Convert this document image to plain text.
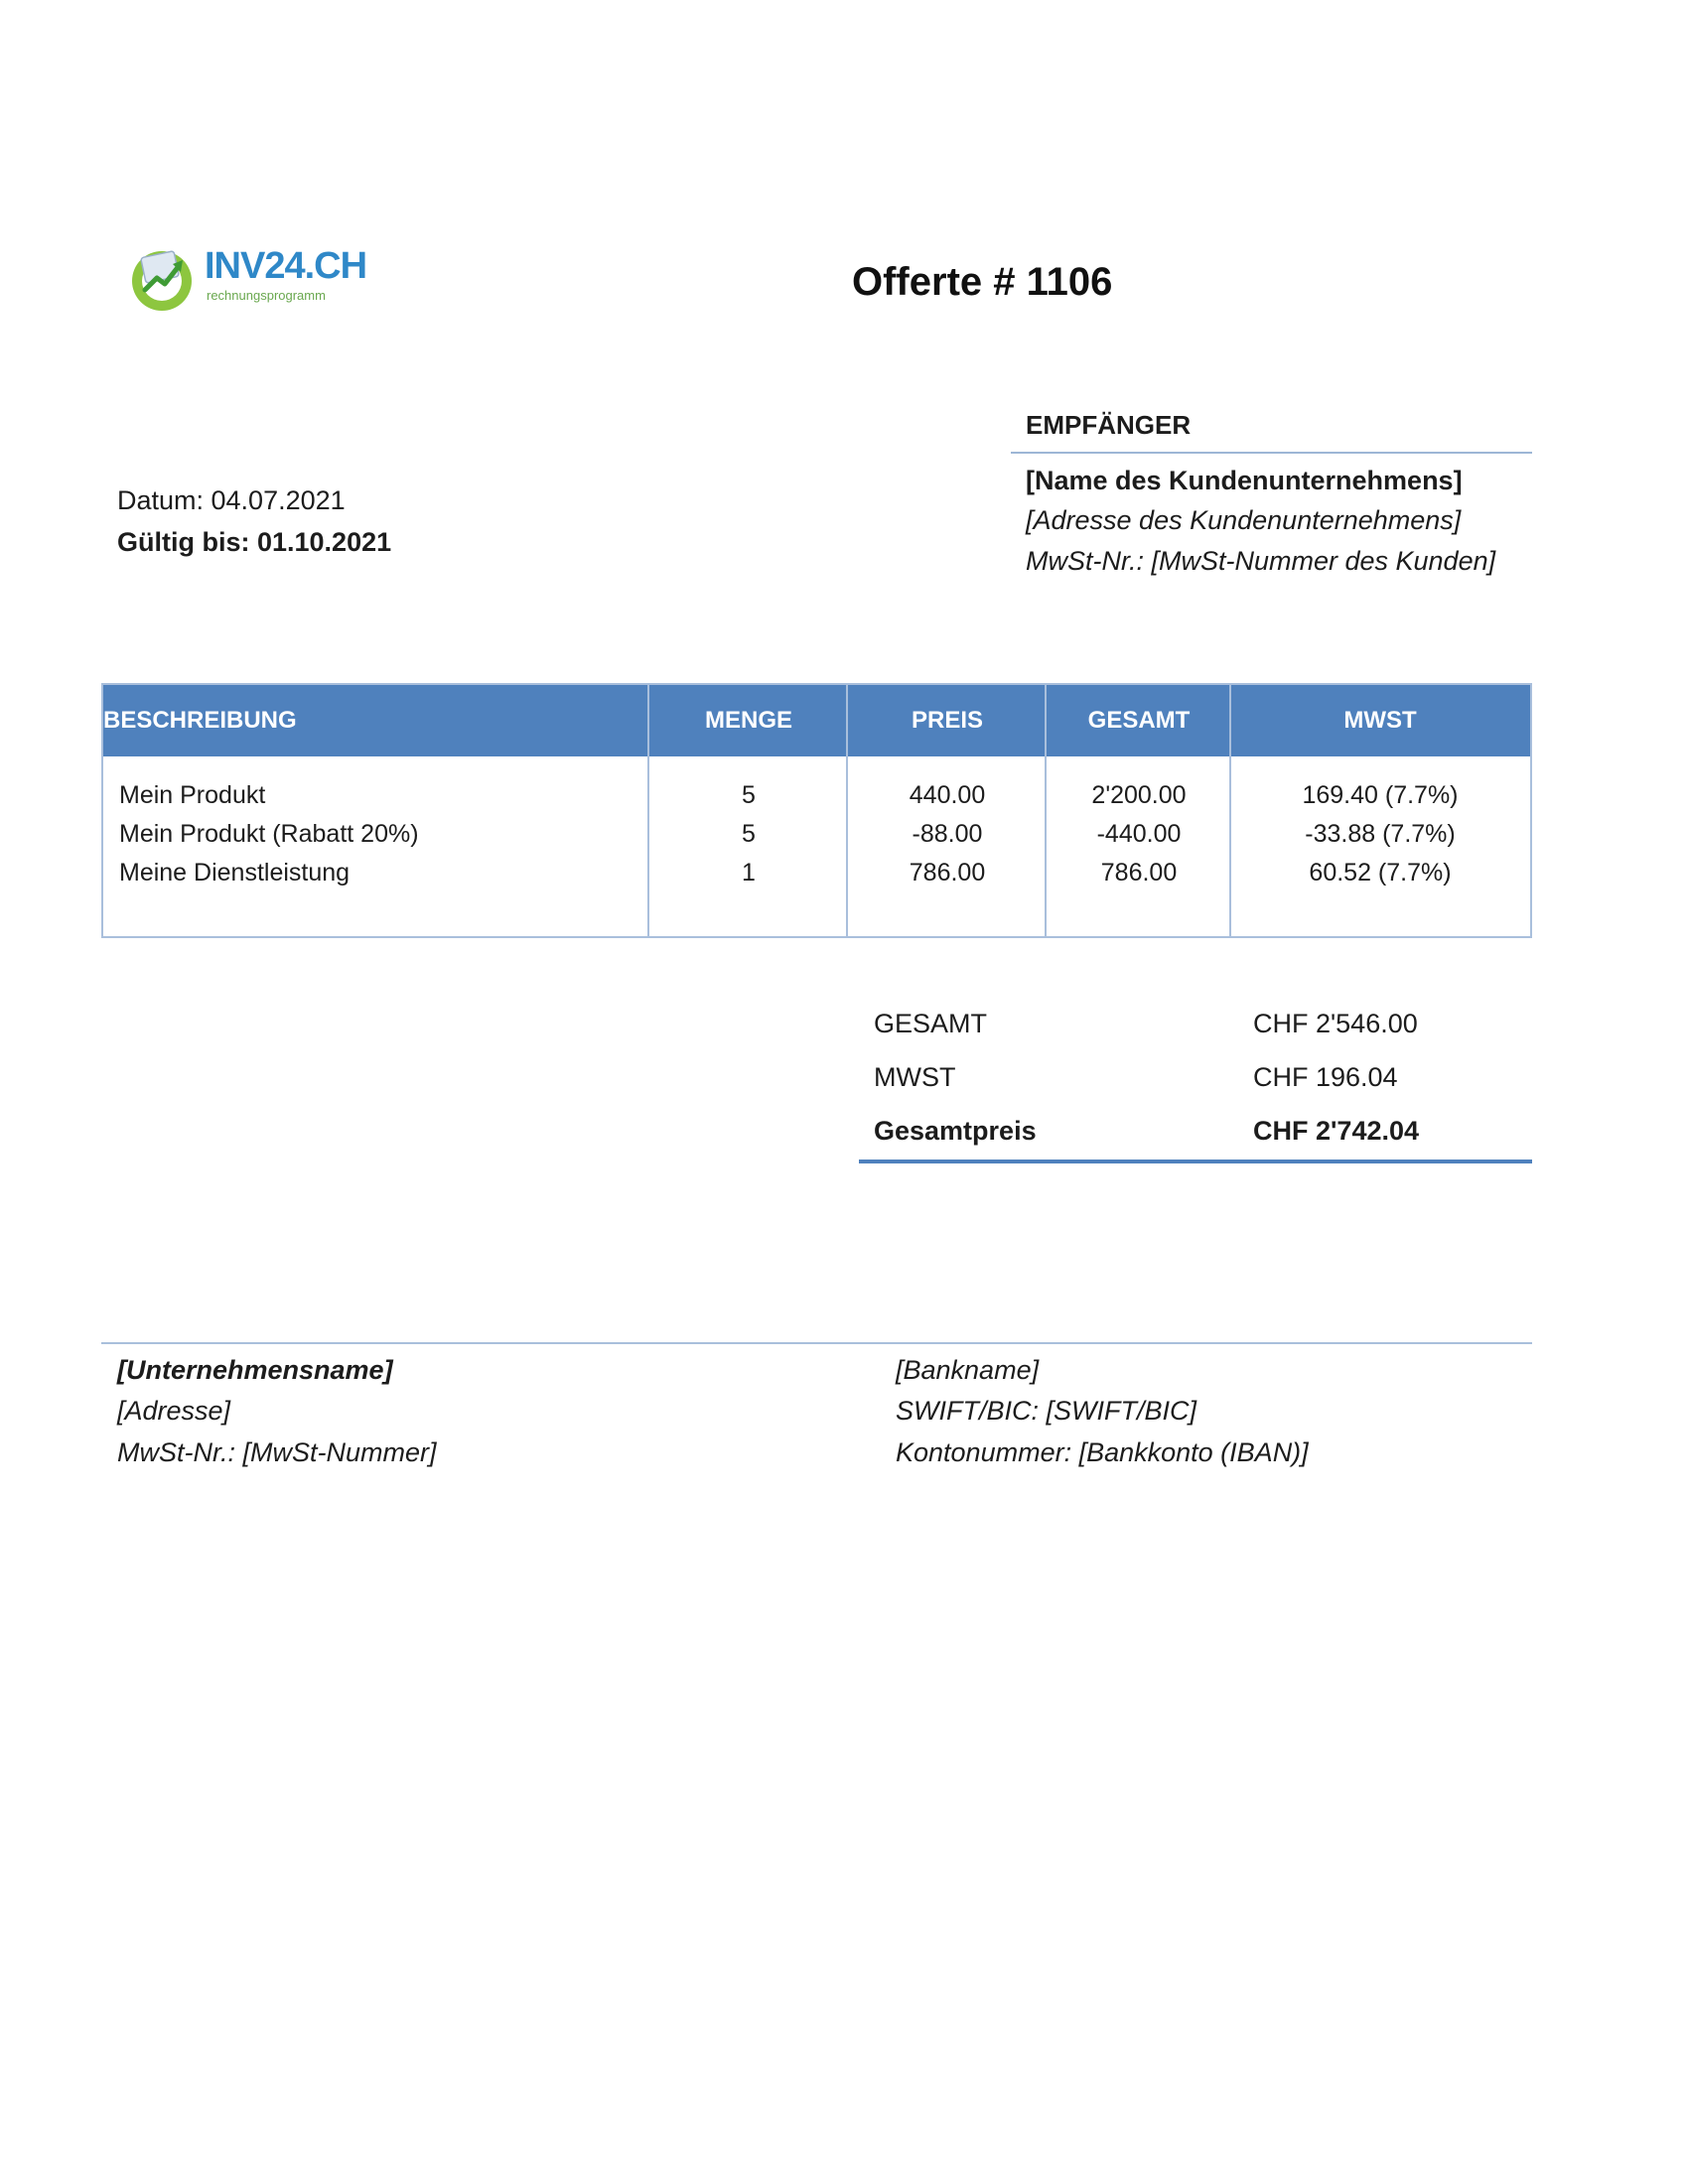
INV24.CH
rechnungsprogramm	Offerte # 1106
EMPFÄNGER
[Name des Kundenunternehmens]
[Adresse des Kundenunternehmens]
MwSt-Nr.: [MwSt-Nummer des Kunden]
Datum: 04.07.2021
Gültig bis: 01.10.2021
BESCHREIBUNG	MENGE	PREIS	GESAMT	MWST
Mein Produkt	5	440.00	2'200.00	169.40 (7.7%)
Mein Produkt (Rabatt 20%)	5	-88.00	-440.00	-33.88 (7.7%)
Meine Dienstleistung	1	786.00	786.00	60.52 (7.7%)
GESAMT	CHF 2'546.00
MWST	CHF 196.04
Gesamtpreis	CHF 2'742.04
[Unternehmensname]
[Adresse]
MwSt-Nr.: [MwSt-Nummer]
[Bankname]
SWIFT/BIC: [SWIFT/BIC]
Kontonummer: [Bankkonto (IBAN)]
